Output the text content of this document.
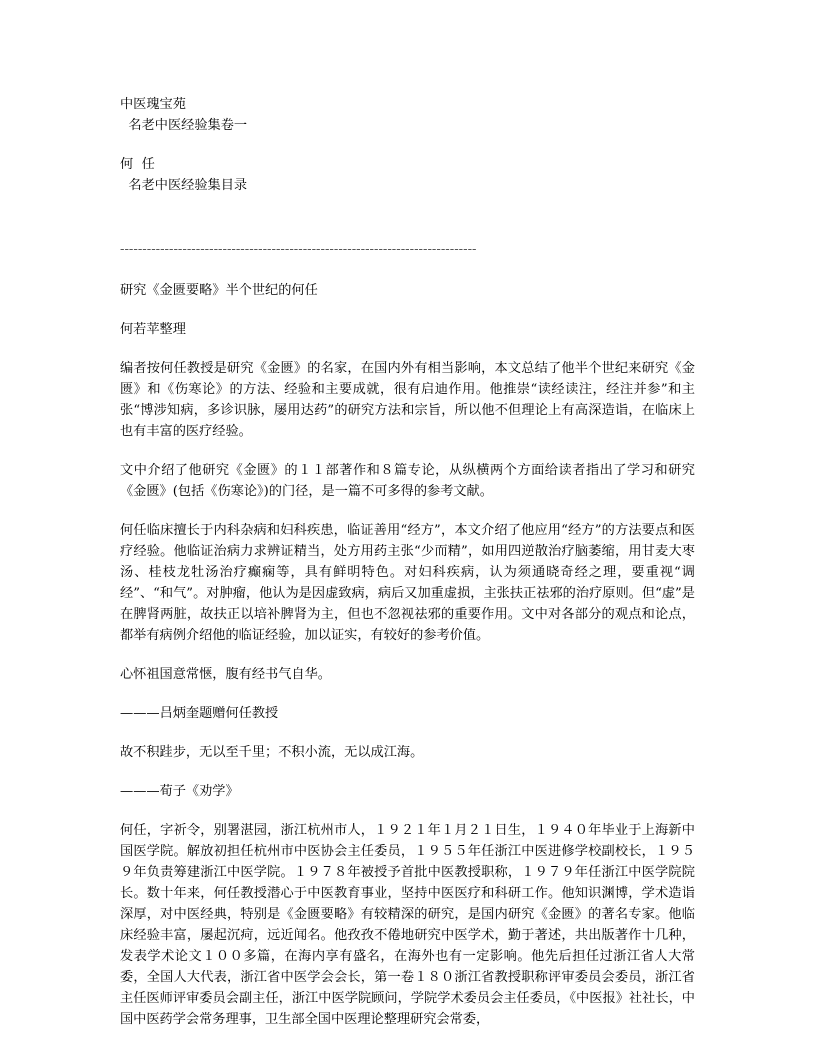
中医瑰宝苑
名老中医经验集卷一
何  任
名老中医经验集目录
--------------------------------------------------------------------------------
研究《金匮要略》半个世纪的何任
何若苹整理

编者按何任教授是研究《金匮》的名家，在国内外有相当影响，本文总结了他半个世纪来研究《金匮》和《伤寒论》的方法、经验和主要成就，很有启迪作用。他推崇“读经读注，经注并参”和主张“博涉知病，多诊识脉，屡用达药”的研究方法和宗旨，所以他不但理论上有高深造诣，在临床上也有丰富的医疗经验。

文中介绍了他研究《金匮》的１１部著作和８篇专论，从纵横两个方面给读者指出了学习和研究《金匮》(包括《伤寒论》)的门径，是一篇不可多得的参考文献。

何任临床擅长于内科杂病和妇科疾患，临证善用“经方”，本文介绍了他应用“经方”的方法要点和医疗经验。他临证治病力求辨证精当，处方用药主张“少而精”，如用四逆散治疗脑萎缩，用甘麦大枣汤、桂枝龙牡汤治疗癫痫等，具有鲜明特色。对妇科疾病，认为须通晓奇经之理，要重视“调经”、“和气”。对肿瘤，他认为是因虚致病，病后又加重虚损，主张扶正祛邪的治疗原则。但“虚”是在脾肾两脏，故扶正以培补脾肾为主，但也不忽视祛邪的重要作用。文中对各部分的观点和论点，都举有病例介绍他的临证经验，加以证实，有较好的参考价值。

心怀祖国意常惬，腹有经书气自华。

———吕炳奎题赠何任教授

故不积跬步，无以至千里；不积小流，无以成江海。

———荀子《劝学》

何任，字祈令，别署湛园，浙江杭州市人，１９２１年１月２１日生，１９４０年毕业于上海新中国医学院。解放初担任杭州市中医协会主任委员，１９５５年任浙江中医进修学校副校长，１９５９年负责筹建浙江中医学院。１９７８年被授予首批中医教授职称，１９７９年任浙江中医学院院长。数十年来，何任教授潜心于中医教育事业，坚持中医医疗和科研工作。他知识渊博，学术造诣深厚，对中医经典，特别是《金匮要略》有较精深的研究，是国内研究《金匮》的著名专家。他临床经验丰富，屡起沉疴，远近闻名。他孜孜不倦地研究中医学术，勤于著述，共出版著作十几种，发表学术论文１００多篇，在海内享有盛名，在海外也有一定影响。他先后担任过浙江省人大常委，全国人大代表，浙江省中医学会会长，第一卷１８０浙江省教授职称评审委员会委员，浙江省主任医师评审委员会副主任，浙江中医学院顾问，学院学术委员会主任委员，《中医报》社社长，中国中医药学会常务理事，卫生部全国中医理论整理研究会常委，
